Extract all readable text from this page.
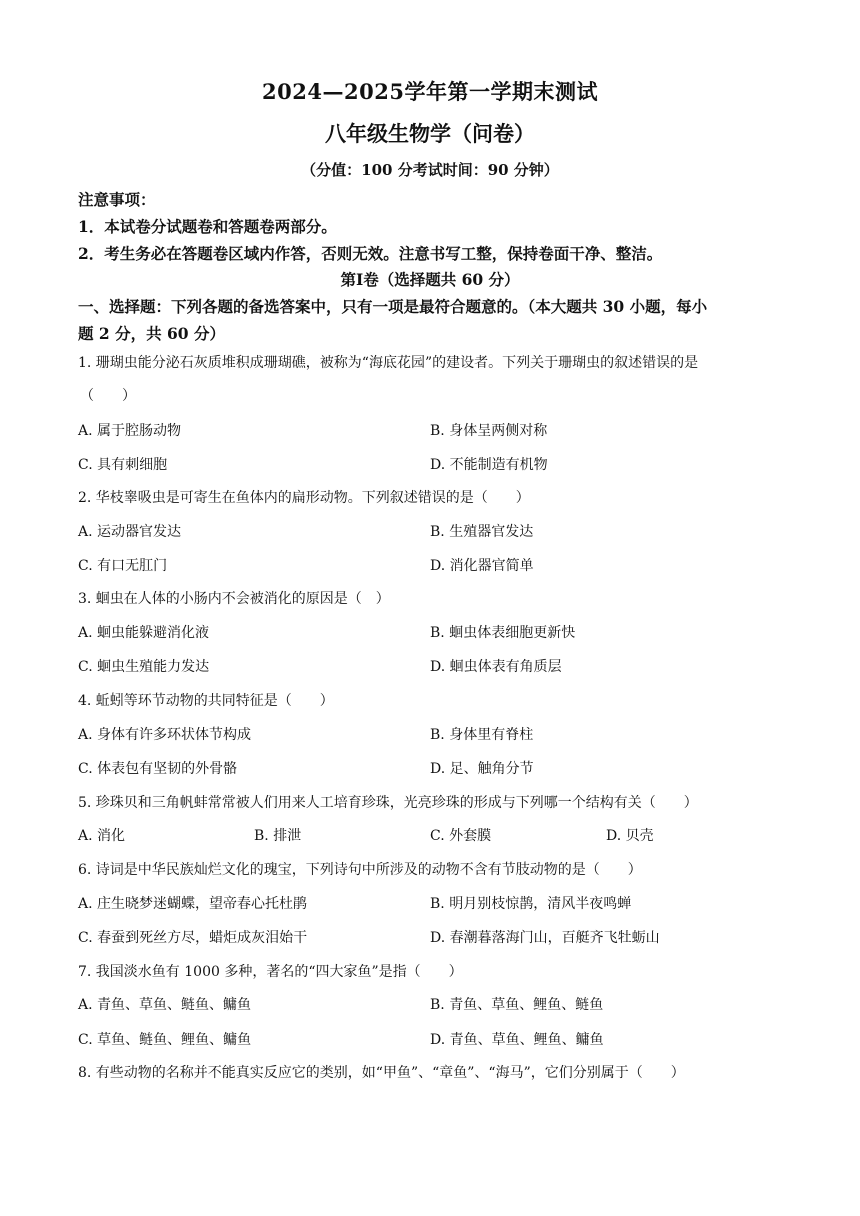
2024—2025学年第一学期末测试
八年级生物学（问卷）
（分值：100 分考试时间：90 分钟）
注意事项：
1．本试卷分试题卷和答题卷两部分。
2．考生务必在答题卷区域内作答，否则无效。注意书写工整，保持卷面干净、整洁。
第Ⅰ卷（选择题共 60 分）
一、选择题：下列各题的备选答案中，只有一项是最符合题意的。（本大题共 30 小题，每小
题 2 分，共 60 分）
1. 珊瑚虫能分泌石灰质堆积成珊瑚礁，被称为“海底花园”的建设者。下列关于珊瑚虫的叙述错误的是
（　　）
A. 属于腔肠动物	B. 身体呈两侧对称
C. 具有刺细胞	D. 不能制造有机物
2. 华枝睾吸虫是可寄生在鱼体内的扁形动物。下列叙述错误的是（　　）
A. 运动器官发达	B. 生殖器官发达
C. 有口无肛门	D. 消化器官简单
3. 蛔虫在人体的小肠内不会被消化的原因是（　）
A. 蛔虫能躲避消化液	B. 蛔虫体表细胞更新快
C. 蛔虫生殖能力发达	D. 蛔虫体表有角质层
4. 蚯蚓等环节动物的共同特征是（　　）
A. 身体有许多环状体节构成	B. 身体里有脊柱
C. 体表包有坚韧的外骨骼	D. 足、触角分节
5. 珍珠贝和三角帆蚌常常被人们用来人工培育珍珠，光亮珍珠的形成与下列哪一个结构有关（　　）
A. 消化	B. 排泄	C. 外套膜	D. 贝壳
6. 诗词是中华民族灿烂文化的瑰宝，下列诗句中所涉及的动物不含有节肢动物的是（　　）
A. 庄生晓梦迷蝴蝶，望帝春心托杜鹃	B. 明月别枝惊鹊，清风半夜鸣蝉
C. 春蚕到死丝方尽，蜡炬成灰泪始干	D. 春潮暮落海门山，百艇齐飞牡蛎山
7. 我国淡水鱼有 1000 多种，著名的“四大家鱼”是指（　　）
A. 青鱼、草鱼、鲢鱼、鳙鱼	B. 青鱼、草鱼、鲤鱼、鲢鱼
C. 草鱼、鲢鱼、鲤鱼、鳙鱼	D. 青鱼、草鱼、鲤鱼、鳙鱼
8. 有些动物的名称并不能真实反应它的类别，如“甲鱼”、“章鱼”、“海马”，它们分别属于（　　）
